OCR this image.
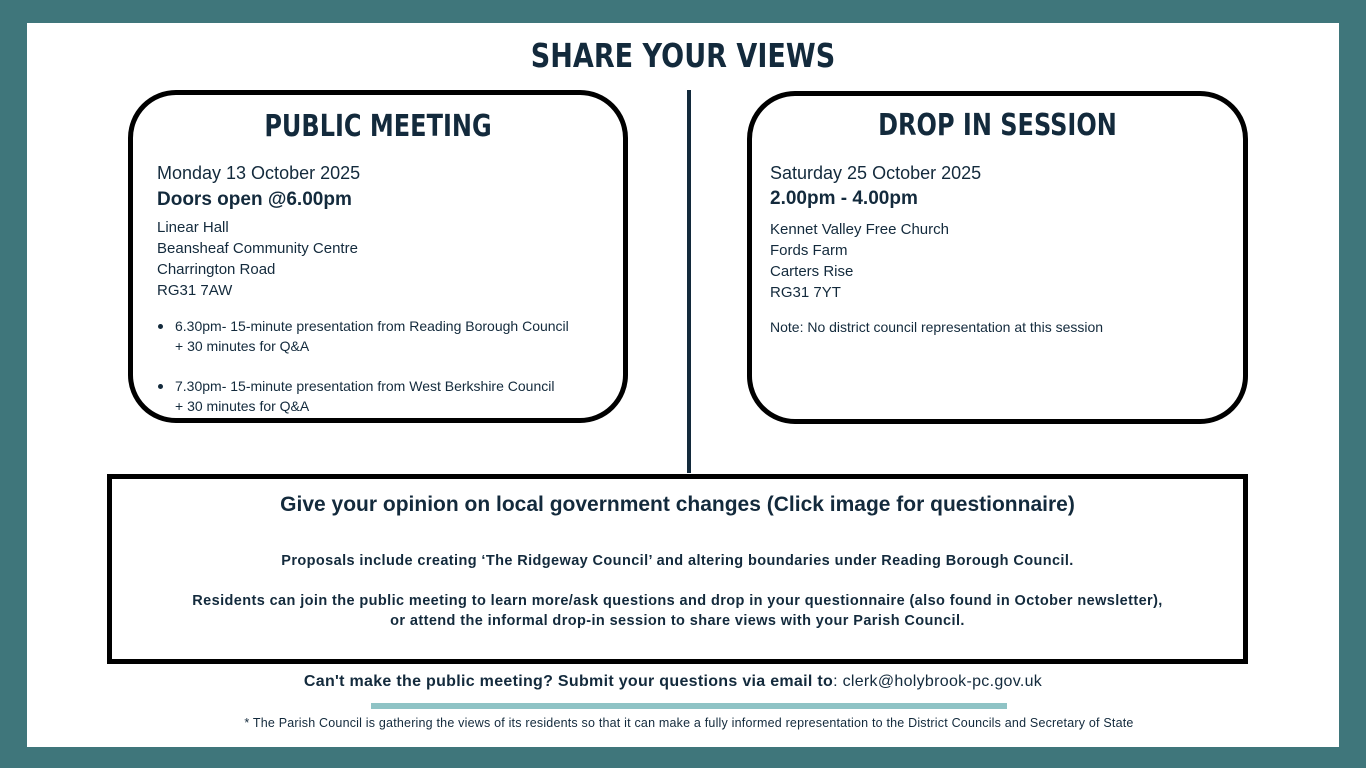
SHARE YOUR VIEWS
PUBLIC MEETING
Monday 13 October 2025
Doors open @6.00pm
Linear Hall
Beansheaf Community Centre
Charrington Road
RG31 7AW
6.30pm- 15-minute presentation from Reading Borough Council
+ 30 minutes for Q&A
7.30pm- 15-minute presentation from West Berkshire Council
+ 30 minutes for Q&A
DROP IN SESSION
Saturday 25 October 2025
2.00pm - 4.00pm
Kennet Valley Free Church
Fords Farm
Carters Rise
RG31 7YT
Note: No district council representation at this session
Give your opinion on local government changes (Click image for questionnaire)
Proposals include creating ‘The Ridgeway Council’ and altering boundaries under Reading Borough Council.
Residents can join the public meeting to learn more/ask questions and drop in your questionnaire (also found in October newsletter),
or attend the informal drop-in session to share views with your Parish Council.
Can't make the public meeting? Submit your questions via email to: clerk@holybrook-pc.gov.uk
* The Parish Council is gathering the views of its residents so that it can make a fully informed representation to the District Councils and Secretary of State
